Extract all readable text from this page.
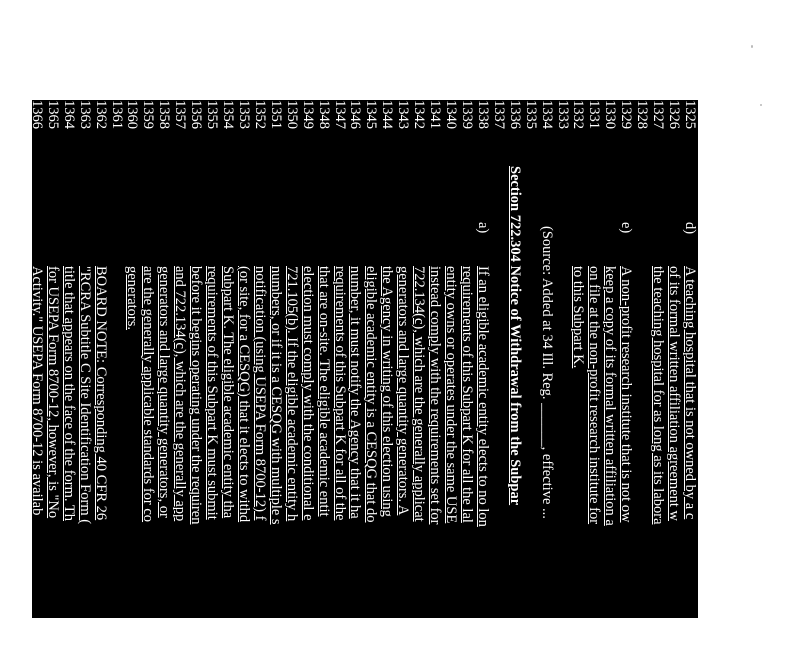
1325
d)
A teaching hospital that is not owned by a c
1326
of its formal written affiliation agreement w
1327
the teaching hospital for as long as its labora
1328
1329
e)
A non-profit research institute that is not ow
1330
keep a copy of its formal written affiliation a
1331
on file at the non-profit research institute for
1332
to this Subpart K.
1333
1334
(Source: Added at 34 Ill. Reg. ______, effective ...
1335
1336
Section 722.304 Notice of Withdrawal from the Subpar
1337
1338
a)
If an eligible academic entity elects to no lon
1339
requirements of this Subpart K for all the lal
1340
entity owns or operates under the same USE
1341
instead comply with the requirements set for
1342
722.134(c), which are the generally applicat
1343
generators and large quantity generators. A
1344
the Agency in writing of this election using
1345
eligible academic entity is a CESQG that do
1346
number, it must notify the Agency that it ha
1347
requirements of this Subpart K for all of the
1348
that are on-site. The eligible academic entit
1349
election must comply with the conditional e
1350
721.105(b). If the eligible academic entity h
1351
numbers, or if it is a CESQG with multiple s
1352
notification (using USEPA Form 8700-12) f
1353
(or site, for a CESQG) that it elects to withd
1354
Subpart K. The eligible academic entity tha
1355
requirements of this Subpart K must submit
1356
before it begins operating under the requiren
1357
and 722.134(c), which are the generally app
1358
generators and large quantity generators, or
1359
are the generally applicable standards for co
1360
generators.
1361
1362
BOARD NOTE: Corresponding 40 CFR 26
1363
"RCRA Subtitle C Site Identification Form (
1364
title that appears on the face of the form. Th
1365
for USEPA Form 8700-12, however, is "No
1366
Activity." USEPA Form 8700-12 is availab
1367
(217-782-6762). It is also available on-line
